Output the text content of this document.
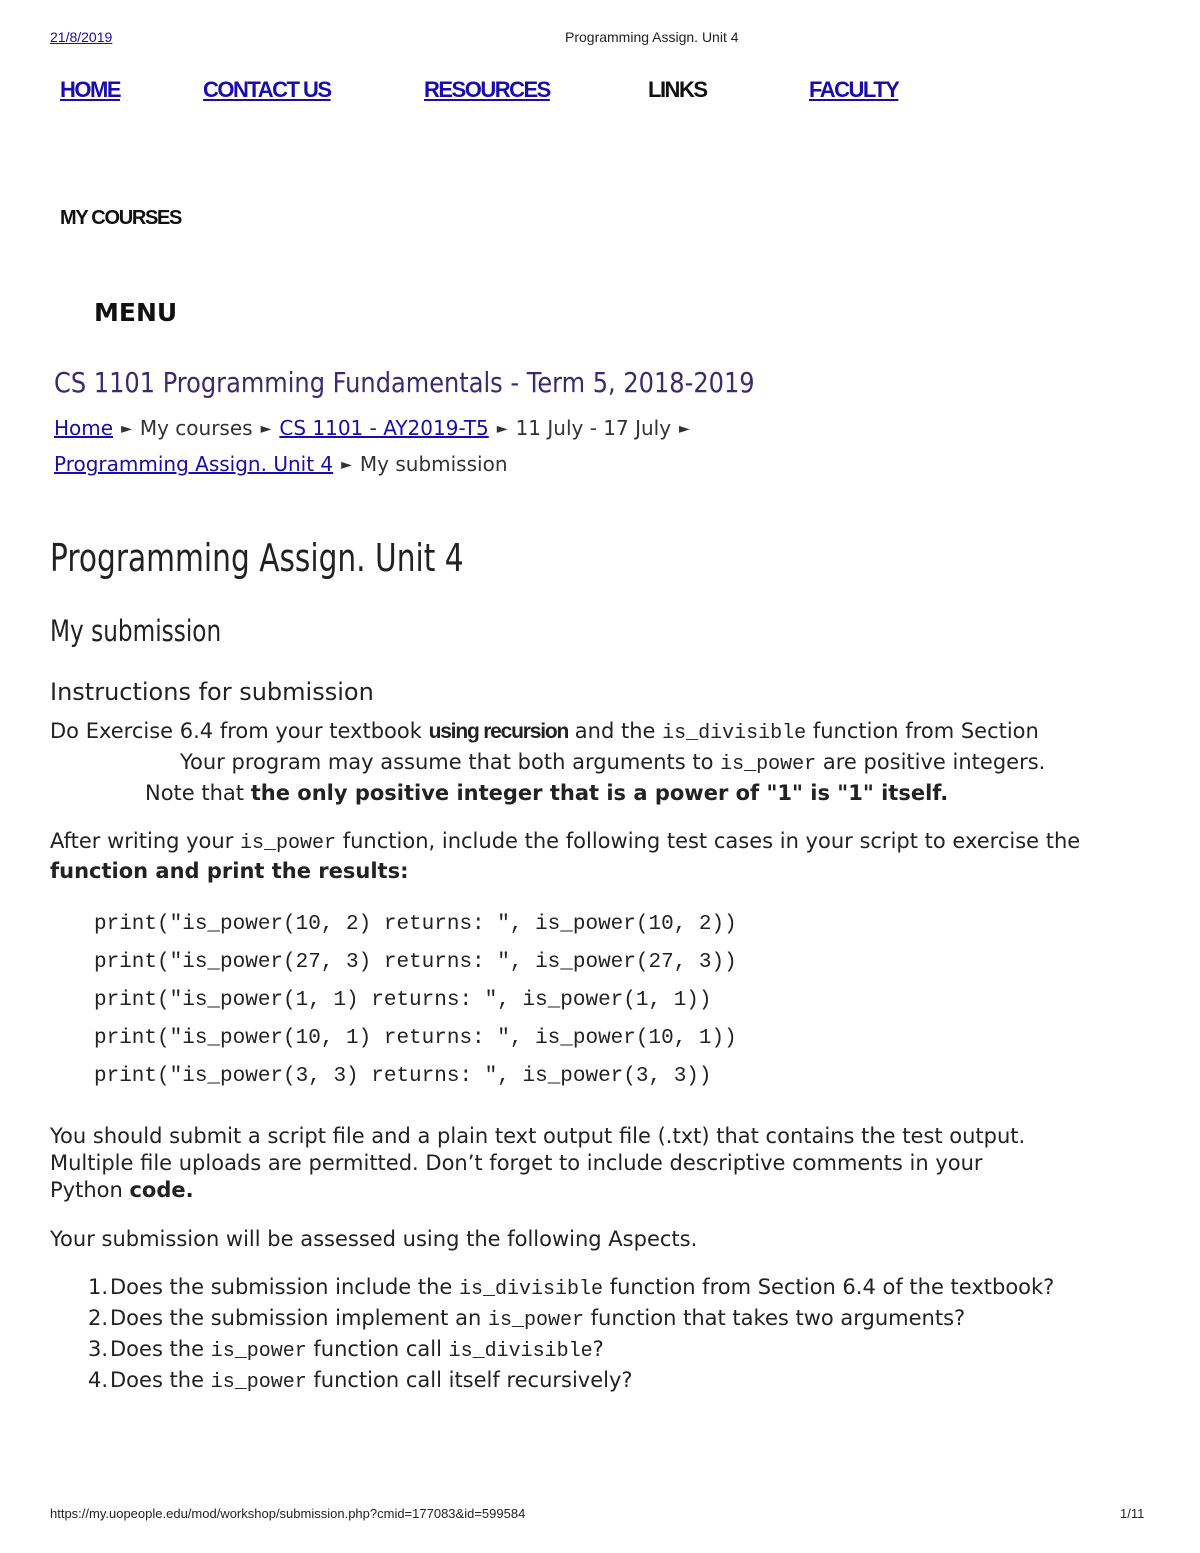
21/8/2019	Programming Assign. Unit 4
HOME	CONTACT US	RESOURCES	LINKS	FACULTY
MY COURSES
MENU
CS 1101 Programming Fundamentals - Term 5, 2018-2019
Home ► My courses ► CS 1101 - AY2019-T5 ► 11 July - 17 July ►
Programming Assign. Unit 4 ► My submission
Programming Assign. Unit 4
My submission
Instructions for submission
Do Exercise 6.4 from your textbook using recursion and the is_divisible function from Section
Your program may assume that both arguments to is_power are positive integers.
Note that the only positive integer that is a power of "1" is "1" itself.
After writing your is_power function, include the following test cases in your script to exercise the
function and print the results:
print("is_power(10, 2) returns: ", is_power(10, 2))
print("is_power(27, 3) returns: ", is_power(27, 3))
print("is_power(1, 1) returns: ", is_power(1, 1))
print("is_power(10, 1) returns: ", is_power(10, 1))
print("is_power(3, 3) returns: ", is_power(3, 3))
You should submit a script file and a plain text output file (.txt) that contains the test output.
Multiple file uploads are permitted. Don’t forget to include descriptive comments in your
Python code.
Your submission will be assessed using the following Aspects.
1.Does the submission include the is_divisible function from Section 6.4 of the textbook?
2.Does the submission implement an is_power function that takes two arguments?
3.Does the is_power function call is_divisible?
4.Does the is_power function call itself recursively?
https://my.uopeople.edu/mod/workshop/submission.php?cmid=177083&id=599584	1/11
